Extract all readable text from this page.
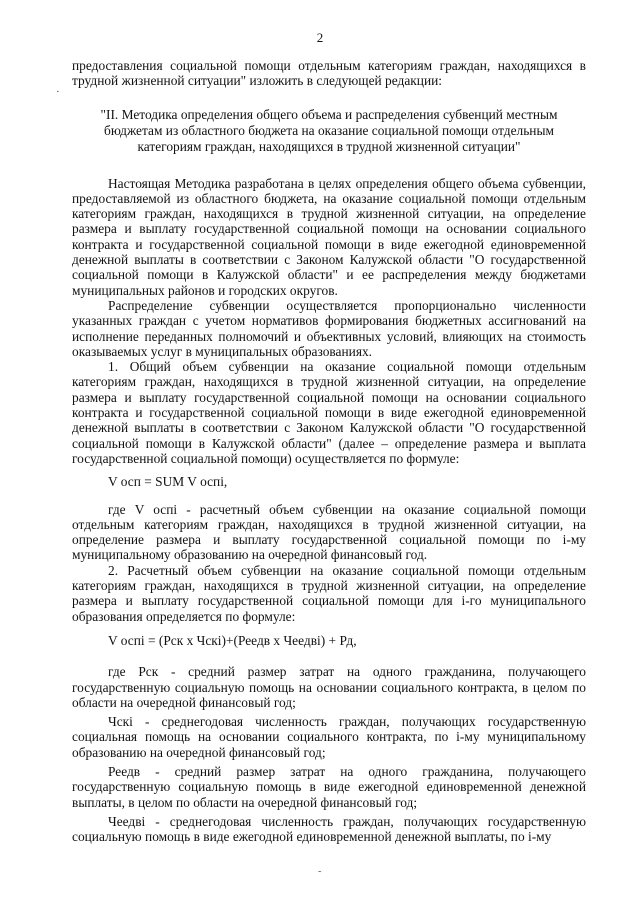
2
·

предоставления социальной помощи отдельным категориям граждан, находящихся в трудной жизненной ситуации" изложить в следующей редакции:

"II. Методика определения общего объема и распределения субвенций местным бюджетам из областного бюджета на оказание социальной помощи отдельным категориям граждан, находящихся в трудной жизненной ситуации"

Настоящая Методика разработана в целях определения общего объема субвенции, предоставляемой из областного бюджета, на оказание социальной помощи отдельным категориям граждан, находящихся в трудной жизненной ситуации, на определение размера и выплату государственной социальной помощи на основании социального контракта и государственной социальной помощи в виде ежегодной единовременной денежной выплаты в соответствии с Законом Калужской области "О государственной социальной помощи в Калужской области" и ее распределения между бюджетами муниципальных районов и городских округов.

Распределение субвенции осуществляется пропорционально численности указанных граждан с учетом нормативов формирования бюджетных ассигнований на исполнение переданных полномочий и объективных условий, влияющих на стоимость оказываемых услуг в муниципальных образованиях.

1. Общий объем субвенции на оказание социальной помощи отдельным категориям граждан, находящихся в трудной жизненной ситуации, на определение размера и выплату государственной социальной помощи на основании социального контракта и государственной социальной помощи в виде ежегодной единовременной денежной выплаты в соответствии с Законом Калужской области "О государственной социальной помощи в Калужской области" (далее – определение размера и выплата государственной социальной помощи) осуществляется по формуле:

V осп = SUM V оспi,

где V оспi - расчетный объем субвенции на оказание социальной помощи отдельным категориям граждан, находящихся в трудной жизненной ситуации, на определение размера и выплату государственной социальной помощи по i-му муниципальному образованию на очередной финансовый год.

2. Расчетный объем субвенции на оказание социальной помощи отдельным категориям граждан, находящихся в трудной жизненной ситуации, на определение размера и выплату государственной социальной помощи для i-го муниципального образования определяется по формуле:

V оспi = (Рск х Чскi)+(Реедв х Чеедвi) + Рд,

где Рск - средний размер затрат на одного гражданина, получающего государственную социальную помощь на основании социального контракта, в целом по области на очередной финансовый год;

Чскi - среднегодовая численность граждан, получающих государственную социальная помощь на основании социального контракта, по i-му муниципальному образованию на очередной финансовый год;

Реедв - средний размер затрат на одного гражданина, получающего государственную социальную помощь в виде ежегодной единовременной денежной выплаты, в целом по области на очередной финансовый год;

Чеедвi - среднегодовая численность граждан, получающих государственную социальную помощь в виде ежегодной единовременной денежной выплаты, по i-му

˜
